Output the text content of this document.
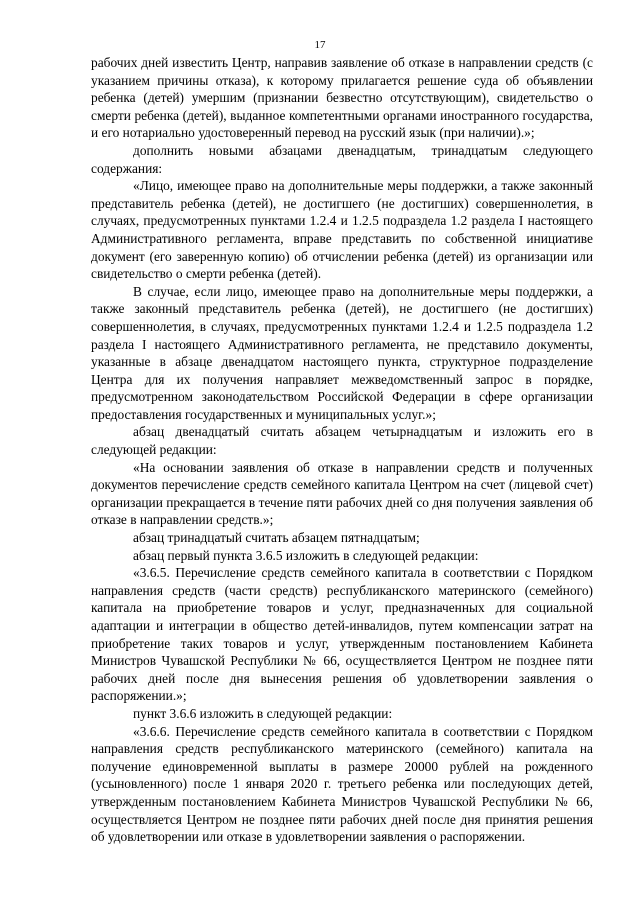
17

рабочих дней известить Центр, направив заявление об отказе в направлении средств (с указанием причины отказа), к которому прилагается решение суда об объявлении ребенка (детей) умершим (признании безвестно отсутствующим), свидетельство о смерти ребенка (детей), выданное компетентными органами иностранного государства, и его нотариально удостоверенный перевод на русский язык (при наличии).»;

дополнить новыми абзацами двенадцатым, тринадцатым следующего содержания:

«Лицо, имеющее право на дополнительные меры поддержки, а также законный представитель ребенка (детей), не достигшего (не достигших) совершеннолетия, в случаях, предусмотренных пунктами 1.2.4 и 1.2.5 подраздела 1.2 раздела I настоящего Административного регламента, вправе представить по собственной инициативе документ (его заверенную копию) об отчислении ребенка (детей) из организации или свидетельство о смерти ребенка (детей).

В случае, если лицо, имеющее право на дополнительные меры поддержки, а также законный представитель ребенка (детей), не достигшего (не достигших) совершеннолетия, в случаях, предусмотренных пунктами 1.2.4 и 1.2.5 подраздела 1.2 раздела I настоящего Административного регламента, не представило документы, указанные в абзаце двенадцатом настоящего пункта, структурное подразделение Центра для их получения направляет межведомственный запрос в порядке, предусмотренном законодательством Российской Федерации в сфере организации предоставления государственных и муниципальных услуг.»;

абзац двенадцатый считать абзацем четырнадцатым и изложить его в следующей редакции:

«На основании заявления об отказе в направлении средств и полученных документов перечисление средств семейного капитала Центром на счет (лицевой счет) организации прекращается в течение пяти рабочих дней со дня получения заявления об отказе в направлении средств.»;

абзац тринадцатый считать абзацем пятнадцатым;

абзац первый пункта 3.6.5 изложить в следующей редакции:

«3.6.5. Перечисление средств семейного капитала в соответствии с Порядком направления средств (части средств) республиканского материнского (семейного) капитала на приобретение товаров и услуг, предназначенных для социальной адаптации и интеграции в общество детей-инвалидов, путем компенсации затрат на приобретение таких товаров и услуг, утвержденным постановлением Кабинета Министров Чувашской Республики № 66, осуществляется Центром не позднее пяти рабочих дней после дня вынесения решения об удовлетворении заявления о распоряжении.»;

пункт 3.6.6 изложить в следующей редакции:

«3.6.6. Перечисление средств семейного капитала в соответствии с Порядком направления средств республиканского материнского (семейного) капитала на получение единовременной выплаты в размере 20000 рублей на рожденного (усыновленного) после 1 января 2020 г. третьего ребенка или последующих детей, утвержденным постановлением Кабинета Министров Чувашской Республики № 66, осуществляется Центром не позднее пяти рабочих дней после дня принятия решения об удовлетворении или отказе в удовлетворении заявления о распоряжении.
